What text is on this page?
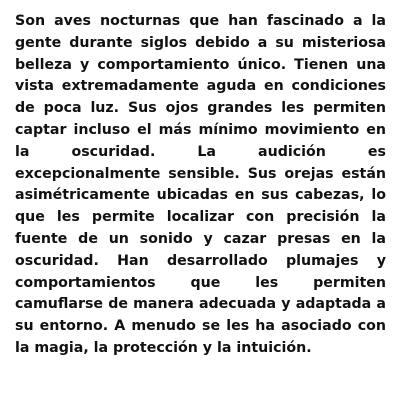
Son aves nocturnas que han fascinado a la gente durante siglos debido a su misteriosa belleza y comportamiento único. Tienen una vista extremadamente aguda en condiciones de poca luz. Sus ojos grandes les permiten captar incluso el más mínimo movimiento en la oscuridad. La audición es excepcionalmente sensible. Sus orejas están asimétricamente ubicadas en sus cabezas, lo que les permite localizar con precisión la fuente de un sonido y cazar presas en la oscuridad. Han desarrollado plumajes y comportamientos que les permiten camuflarse de manera adecuada y adaptada a su entorno. A menudo se les ha asociado con la magia, la protección y la intuición.
